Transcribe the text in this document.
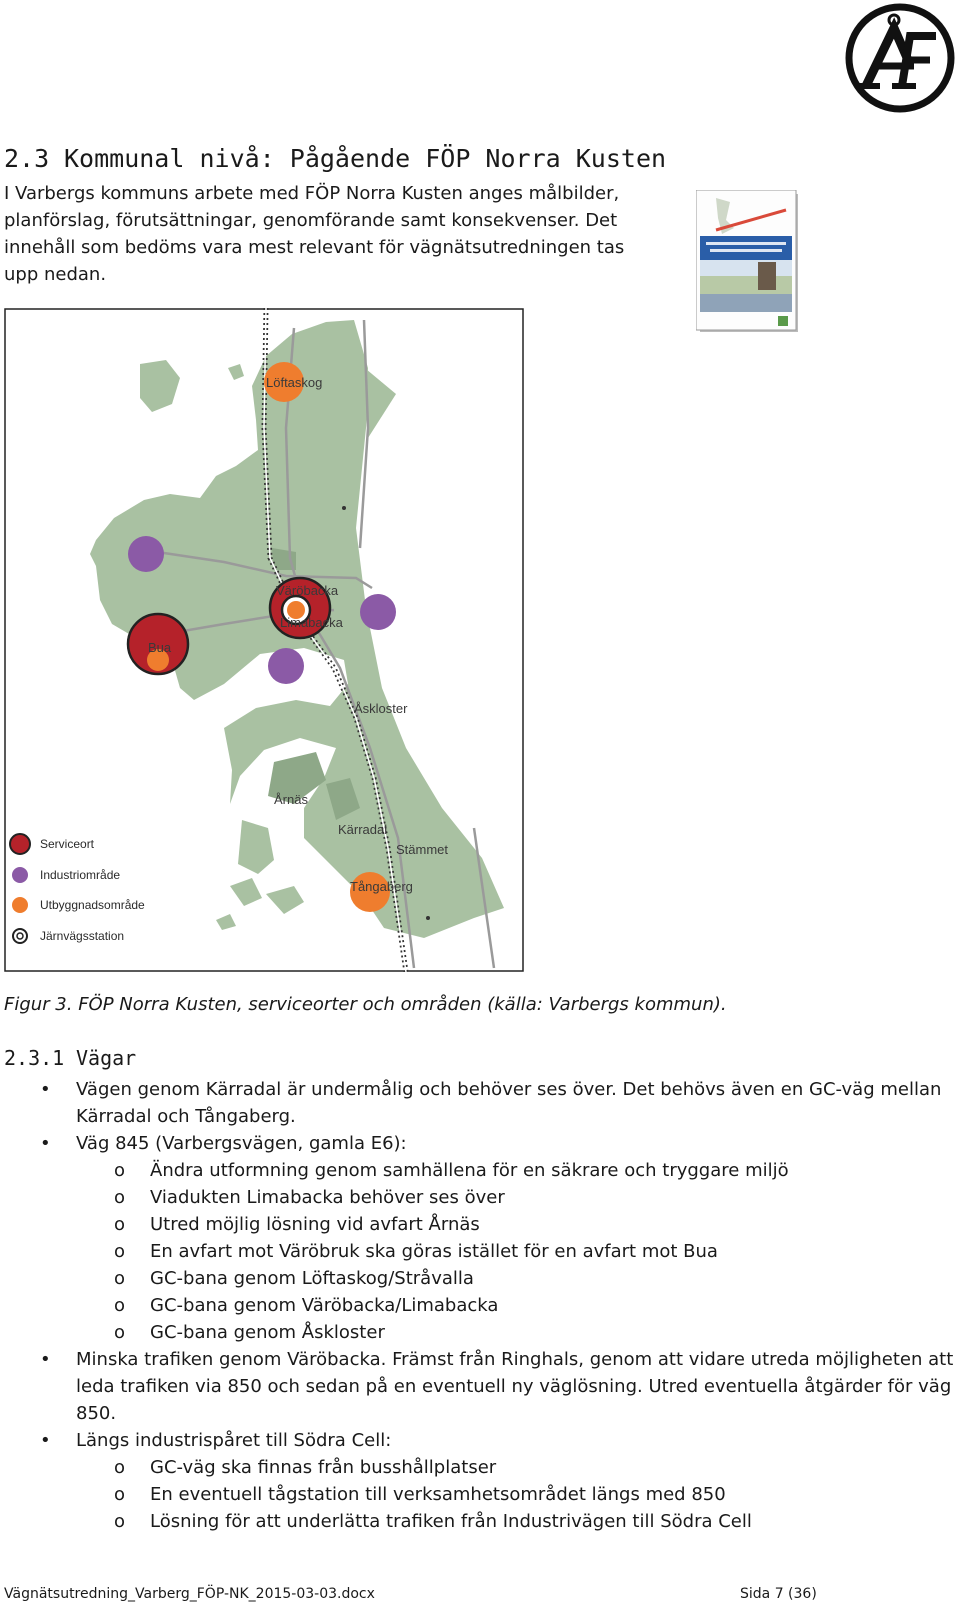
2.3 Kommunal nivå: Pågående FÖP Norra Kusten
I Varbergs kommuns arbete med FÖP Norra Kusten anges målbilder, planförslag, förutsättningar, genomförande samt konsekvenser. Det innehåll som bedöms vara mest relevant för vägnätsutredningen tas upp nedan.
Löftaskog
Väröbacka
Limabacka
Bua
Åskloster
Årnäs
Kärradal
Stämmet
Tångaberg
Serviceort
Industriområde
Utbyggnadsområde
Järnvägsstation
Figur 3. FÖP Norra Kusten, serviceorter och områden (källa: Varbergs kommun).
2.3.1 Vägar
• Vägen genom Kärradal är undermålig och behöver ses över. Det behövs även en GC-väg mellan Kärradal och Tångaberg.
• Väg 845 (Varbergsvägen, gamla E6):
o Ändra utformning genom samhällena för en säkrare och tryggare miljö
o Viadukten Limabacka behöver ses över
o Utred möjlig lösning vid avfart Årnäs
o En avfart mot Väröbruk ska göras istället för en avfart mot Bua
o GC-bana genom Löftaskog/Stråvalla
o GC-bana genom Väröbacka/Limabacka
o GC-bana genom Åskloster
• Minska trafiken genom Väröbacka. Främst från Ringhals, genom att vidare utreda möjligheten att leda trafiken via 850 och sedan på en eventuell ny väglösning. Utred eventuella åtgärder för väg 850.
• Längs industrispåret till Södra Cell:
o GC-väg ska finnas från busshållplatser
o En eventuell tågstation till verksamhetsområdet längs med 850
o Lösning för att underlätta trafiken från Industrivägen till Södra Cell
Vägnätsutredning_Varberg_FÖP-NK_2015-03-03.docx	Sida 7 (36)
